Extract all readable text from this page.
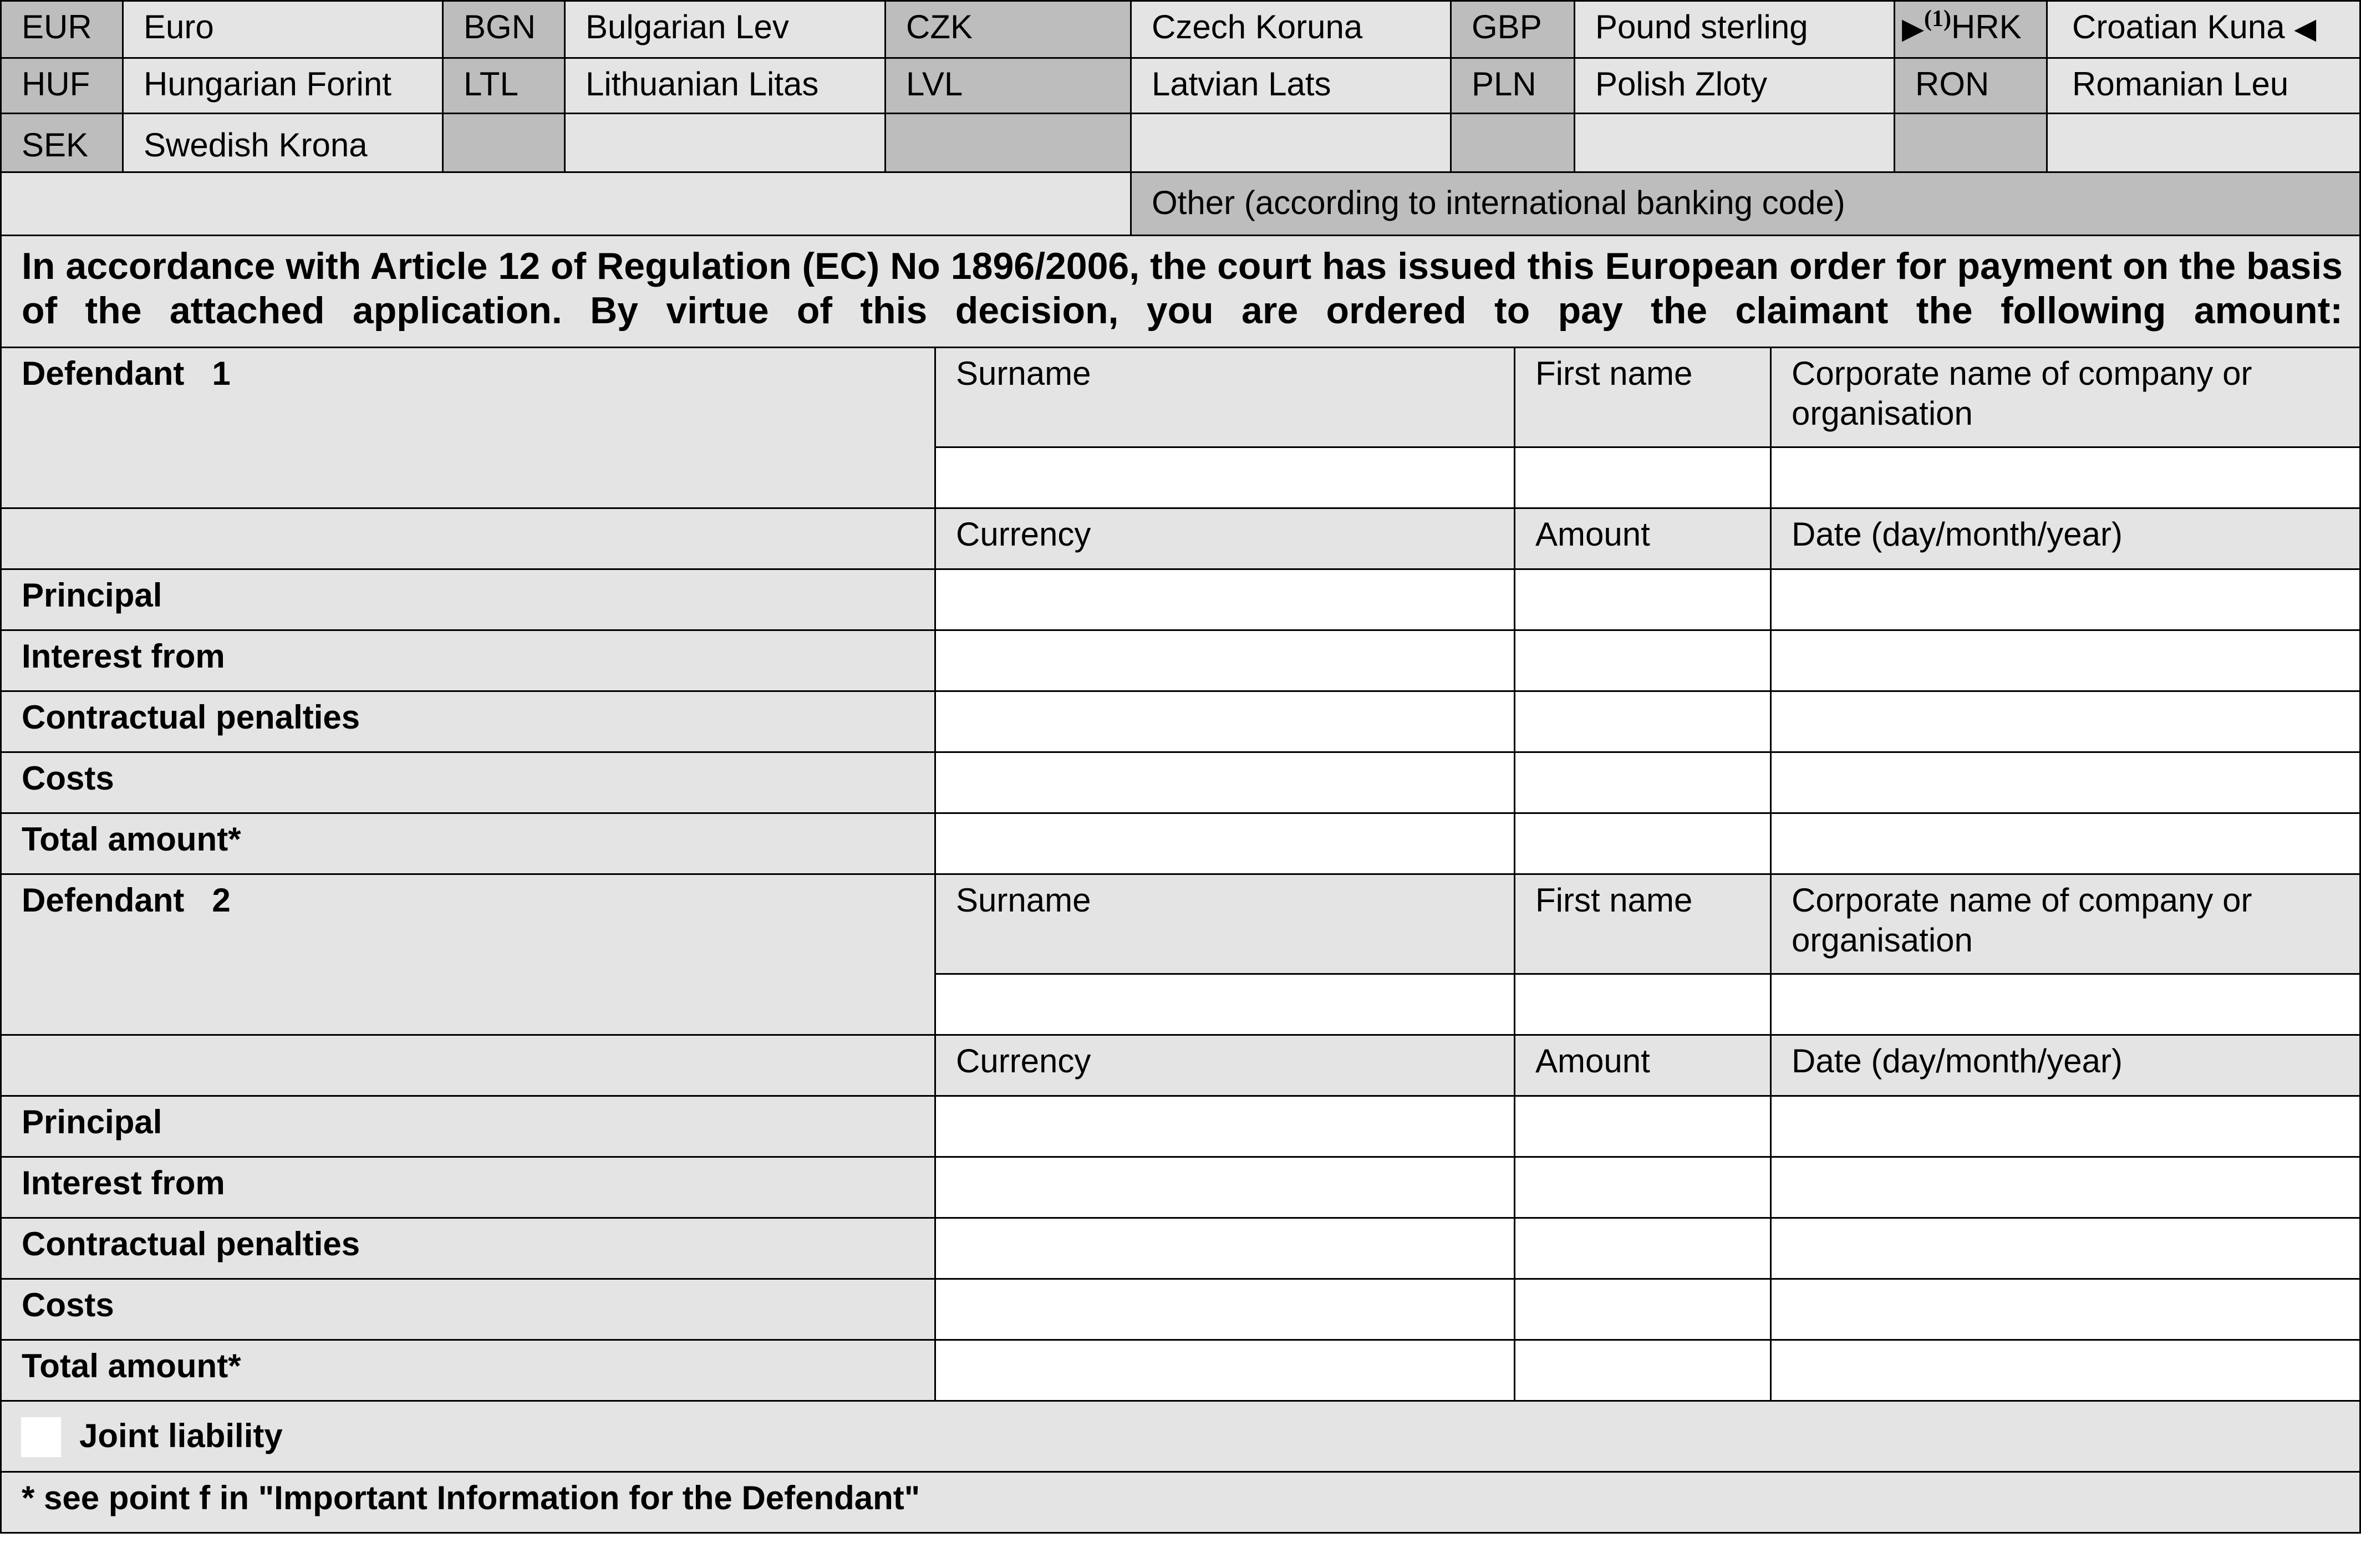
EUR	Euro	BGN	Bulgarian Lev	CZK	Czech Koruna	GBP	Pound sterling	▶$^{(1)}$HRK	Croatian Kuna ◀
HUF	Hungarian Forint	LTL	Lithuanian Litas	LVL	Latvian Lats	PLN	Polish Zloty	RON	Romanian Leu
SEK	Swedish Krona
Other (according to international banking code)
In accordance with Article 12 of Regulation (EC) No 1896/2006, the court has issued this European order for payment on the basis of the attached application. By virtue of this decision, you are ordered to pay the claimant the following amount:
Defendant 1	Surname	First name	Corporate name of company or organisation
Currency	Amount	Date (day/month/year)
Principal
Interest from
Contractual penalties
Costs
Total amount*
Defendant 2	Surname	First name	Corporate name of company or organisation
Currency	Amount	Date (day/month/year)
Principal
Interest from
Contractual penalties
Costs
Total amount*
Joint liability
* see point f in "Important Information for the Defendant"
